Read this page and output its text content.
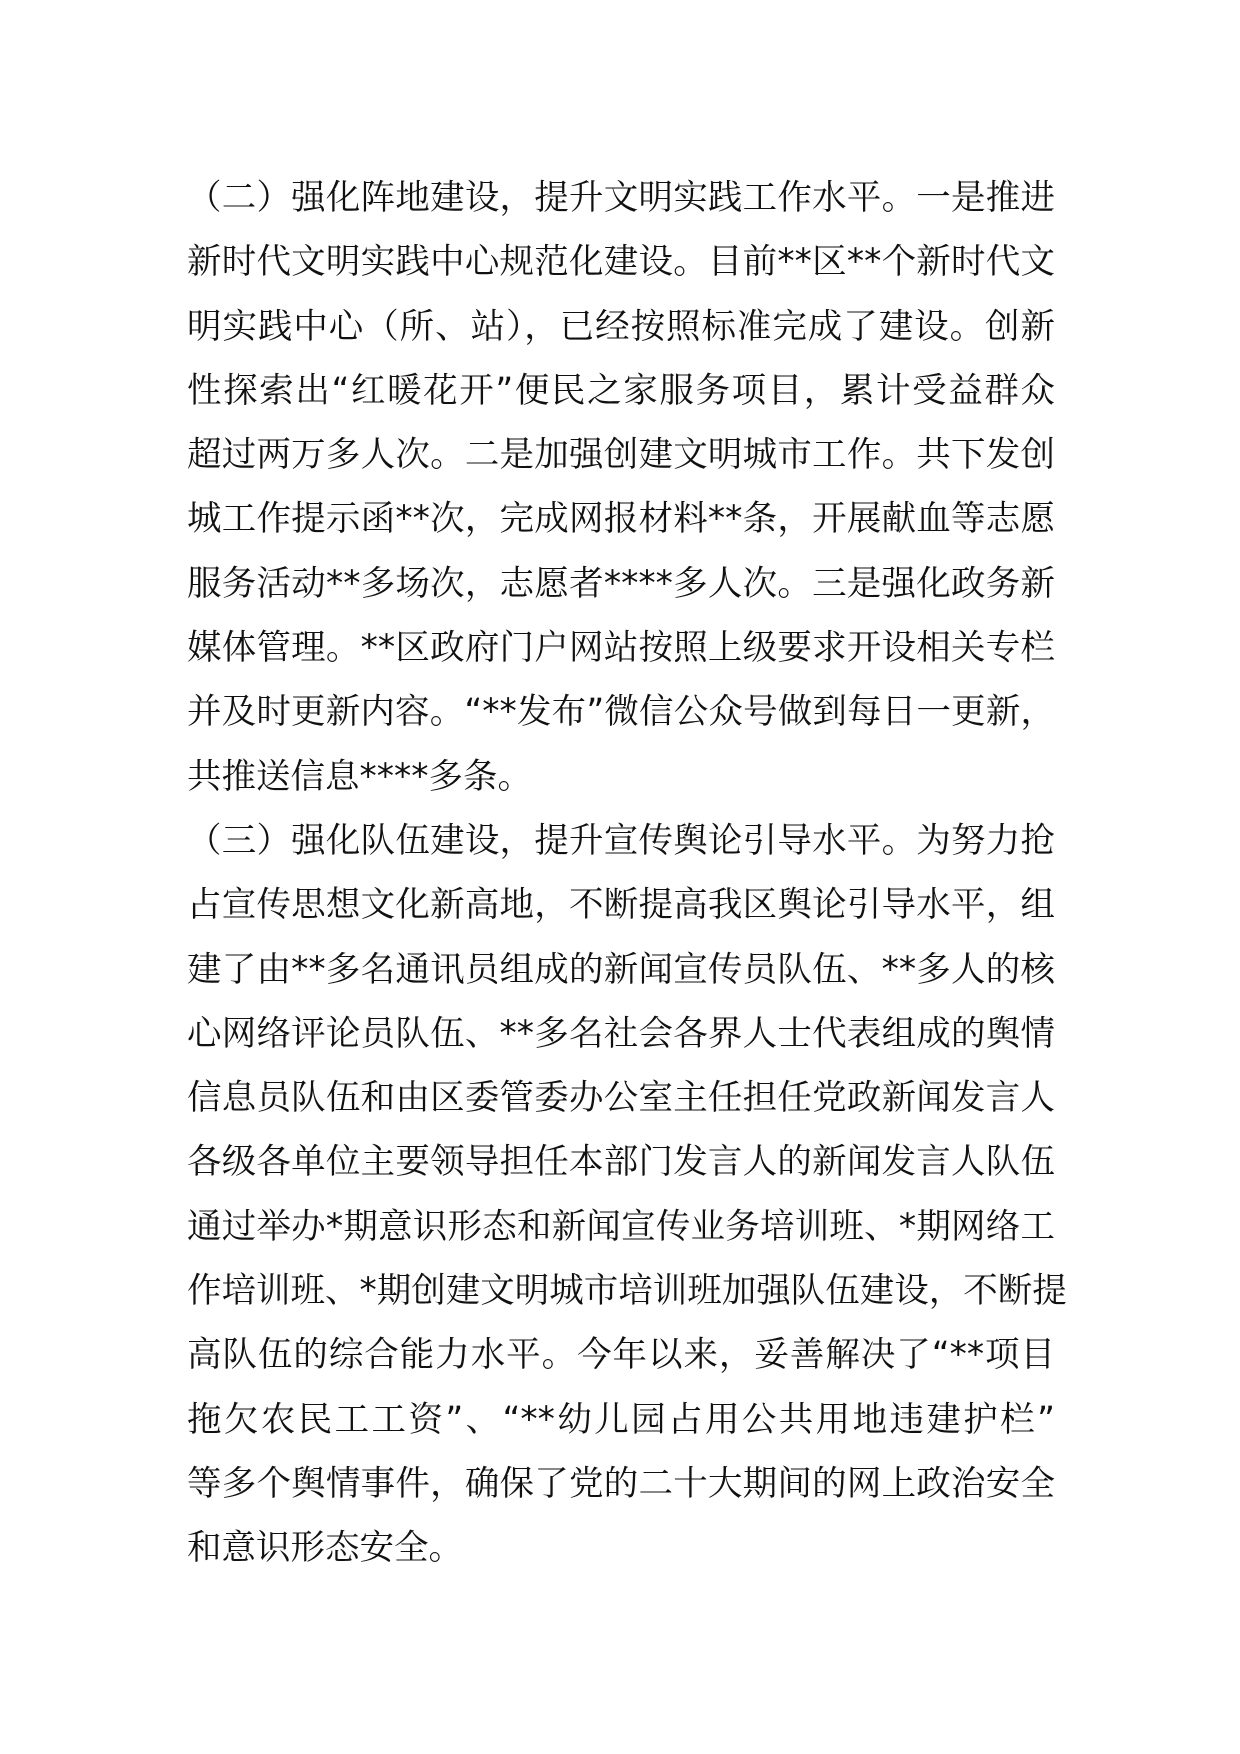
（二）强化阵地建设，提升文明实践工作水平。一是推进
新时代文明实践中心规范化建设。目前**区**个新时代文
明实践中心（所、站），已经按照标准完成了建设。创新
性探索出“红暖花开”便民之家服务项目，累计受益群众
超过两万多人次。二是加强创建文明城市工作。共下发创
城工作提示函**次，完成网报材料**条，开展献血等志愿
服务活动**多场次，志愿者****多人次。三是强化政务新
媒体管理。**区政府门户网站按照上级要求开设相关专栏
并及时更新内容。“**发布”微信公众号做到每日一更新，
共推送信息****多条。
（三）强化队伍建设，提升宣传舆论引导水平。为努力抢
占宣传思想文化新高地，不断提高我区舆论引导水平，组
建了由**多名通讯员组成的新闻宣传员队伍、**多人的核
心网络评论员队伍、**多名社会各界人士代表组成的舆情
信息员队伍和由区委管委办公室主任担任党政新闻发言人
各级各单位主要领导担任本部门发言人的新闻发言人队伍
通过举办*期意识形态和新闻宣传业务培训班、*期网络工
作培训班、*期创建文明城市培训班加强队伍建设，不断提
高队伍的综合能力水平。今年以来，妥善解决了“**项目
拖欠农民工工资”、“**幼儿园占用公共用地违建护栏”
等多个舆情事件，确保了党的二十大期间的网上政治安全
和意识形态安全。
